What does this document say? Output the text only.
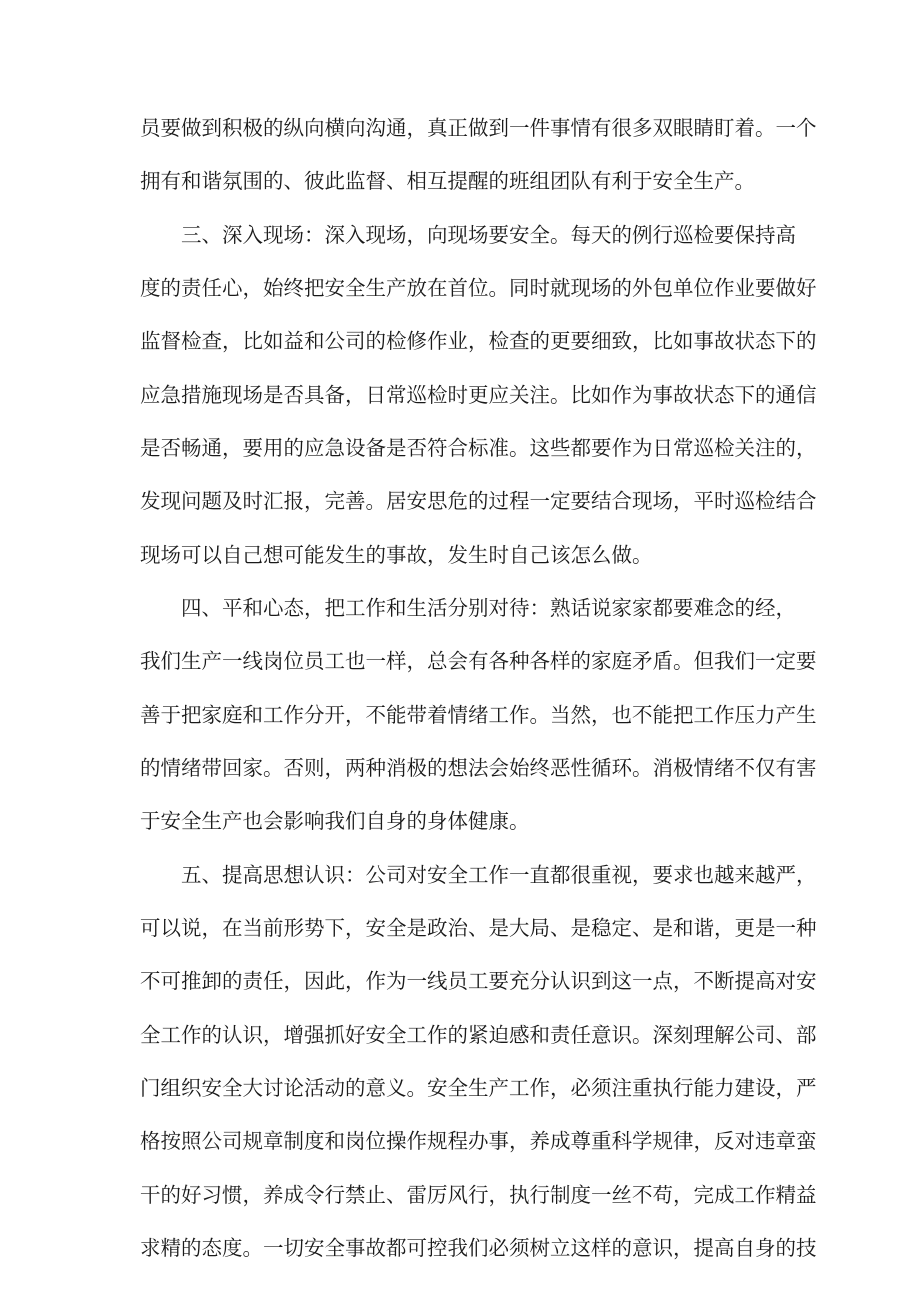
员要做到积极的纵向横向沟通，真正做到一件事情有很多双眼睛盯着。一个
拥有和谐氛围的、彼此监督、相互提醒的班组团队有利于安全生产。
三、深入现场：深入现场，向现场要安全。每天的例行巡检要保持高
度的责任心，始终把安全生产放在首位。同时就现场的外包单位作业要做好
监督检查，比如益和公司的检修作业，检查的更要细致，比如事故状态下的
应急措施现场是否具备，日常巡检时更应关注。比如作为事故状态下的通信
是否畅通，要用的应急设备是否符合标准。这些都要作为日常巡检关注的，
发现问题及时汇报，完善。居安思危的过程一定要结合现场，平时巡检结合
现场可以自己想可能发生的事故，发生时自己该怎么做。
四、平和心态，把工作和生活分别对待：熟话说家家都要难念的经，
我们生产一线岗位员工也一样，总会有各种各样的家庭矛盾。但我们一定要
善于把家庭和工作分开，不能带着情绪工作。当然，也不能把工作压力产生
的情绪带回家。否则，两种消极的想法会始终恶性循环。消极情绪不仅有害
于安全生产也会影响我们自身的身体健康。
五、提高思想认识：公司对安全工作一直都很重视，要求也越来越严，
可以说，在当前形势下，安全是政治、是大局、是稳定、是和谐，更是一种
不可推卸的责任，因此，作为一线员工要充分认识到这一点，不断提高对安
全工作的认识，增强抓好安全工作的紧迫感和责任意识。深刻理解公司、部
门组织安全大讨论活动的意义。安全生产工作，必须注重执行能力建设，严
格按照公司规章制度和岗位操作规程办事，养成尊重科学规律，反对违章蛮
干的好习惯，养成令行禁止、雷厉风行，执行制度一丝不苟，完成工作精益
求精的态度。一切安全事故都可控我们必须树立这样的意识，提高自身的技
